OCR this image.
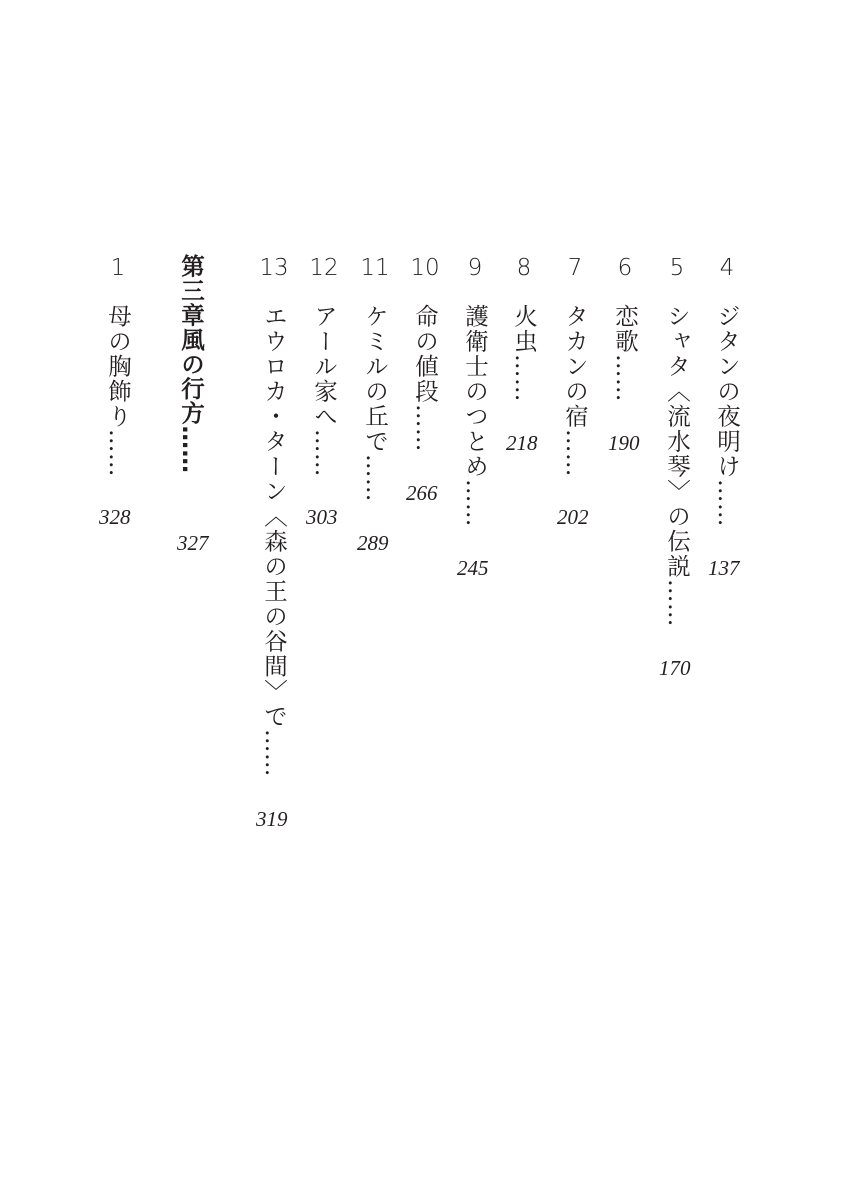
4
ジタンの夜明け……
137
5
シャタ〈流水琴〉の伝説……
170
6
恋歌……
190
7
タカンの宿……
202
8
火虫……
218
9
護衛士のつとめ……
245
10
命の値段……
266
11
ケミルの丘で……
289
12
アール家へ……
303
13
エウロカ・ターン〈森の王の谷間〉で……
319
第三章風の行方……
327
1
母の胸飾り……
328
